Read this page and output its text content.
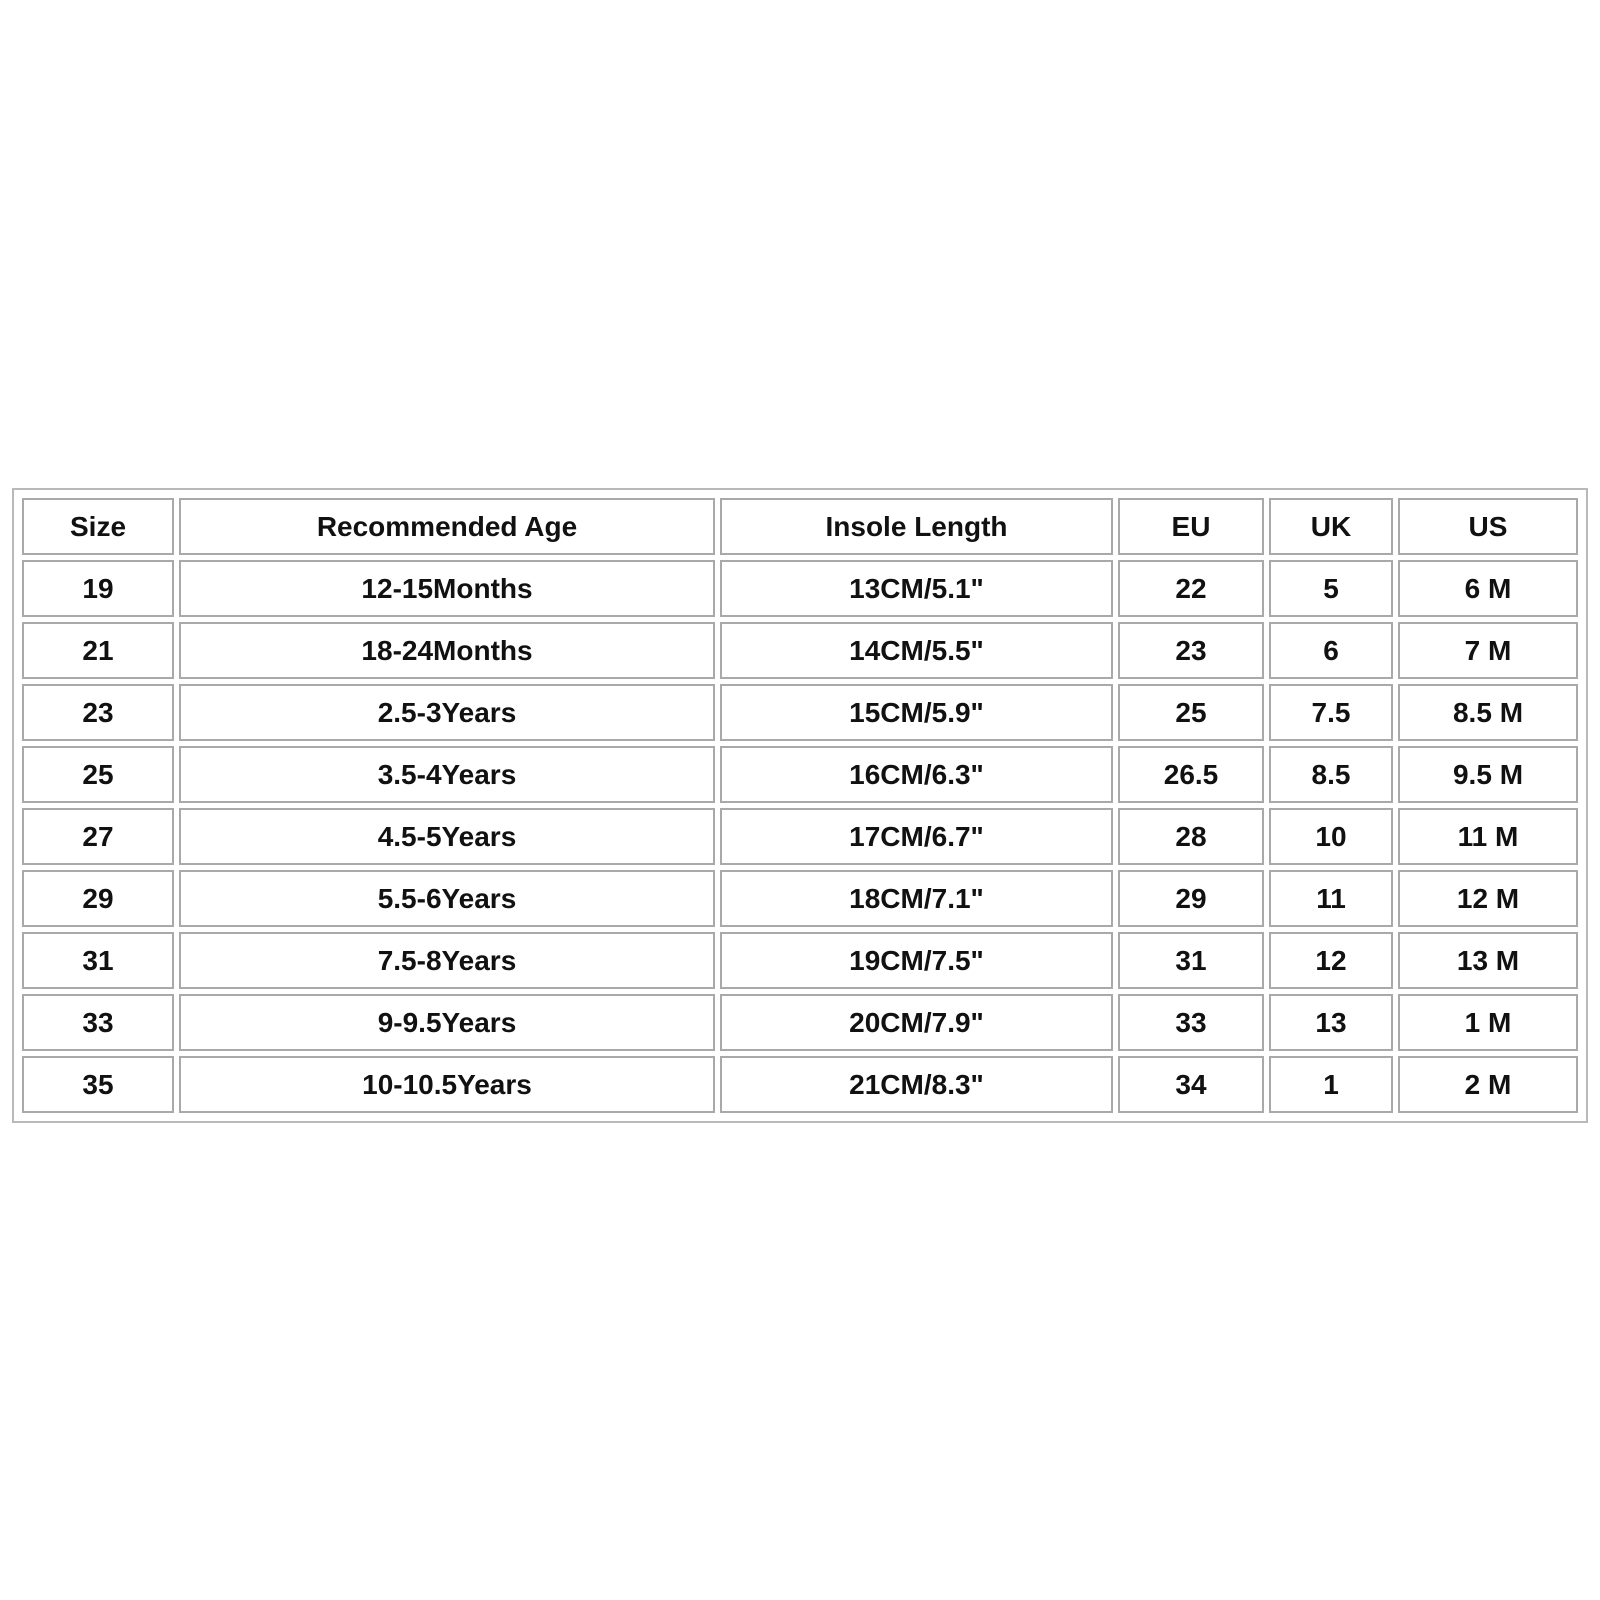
Size	Recommended Age	Insole Length	EU	UK	US
19	12-15Months	13CM/5.1"	22	5	6 M
21	18-24Months	14CM/5.5"	23	6	7 M
23	2.5-3Years	15CM/5.9"	25	7.5	8.5 M
25	3.5-4Years	16CM/6.3"	26.5	8.5	9.5 M
27	4.5-5Years	17CM/6.7"	28	10	11 M
29	5.5-6Years	18CM/7.1"	29	11	12 M
31	7.5-8Years	19CM/7.5"	31	12	13 M
33	9-9.5Years	20CM/7.9"	33	13	1 M
35	10-10.5Years	21CM/8.3"	34	1	2 M
